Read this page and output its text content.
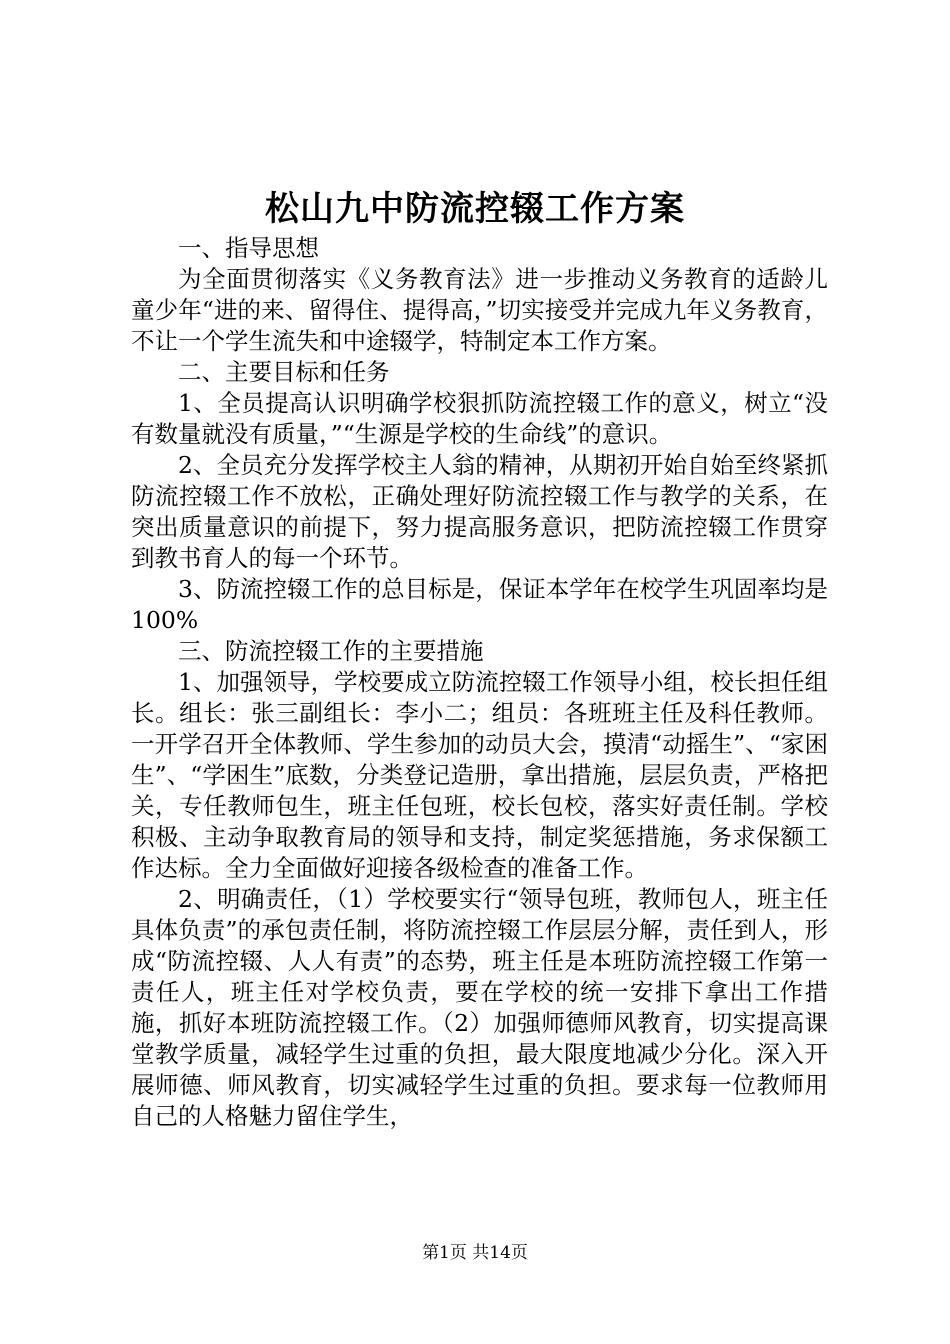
松山九中防流控辍工作方案

一、指导思想

为全面贯彻落实《义务教育法》进一步推动义务教育的适龄儿童少年“进的来、留得住、提得高，”切实接受并完成九年义务教育，不让一个学生流失和中途辍学，特制定本工作方案。

二、主要目标和任务

1、全员提高认识明确学校狠抓防流控辍工作的意义，树立“没有数量就没有质量，”“生源是学校的生命线”的意识。

2、全员充分发挥学校主人翁的精神，从期初开始自始至终紧抓防流控辍工作不放松，正确处理好防流控辍工作与教学的关系，在突出质量意识的前提下，努力提高服务意识，把防流控辍工作贯穿到教书育人的每一个环节。

3、防流控辍工作的总目标是，保证本学年在校学生巩固率均是100%

三、防流控辍工作的主要措施

1、加强领导，学校要成立防流控辍工作领导小组，校长担任组长。组长：张三副组长：李小二；组员：各班班主任及科任教师。一开学召开全体教师、学生参加的动员大会，摸清“动摇生”、“家困生”、“学困生”底数，分类登记造册，拿出措施，层层负责，严格把关，专任教师包生，班主任包班，校长包校，落实好责任制。学校积极、主动争取教育局的领导和支持，制定奖惩措施，务求保额工作达标。全力全面做好迎接各级检查的准备工作。

2、明确责任，（1）学校要实行“领导包班，教师包人，班主任具体负责”的承包责任制，将防流控辍工作层层分解，责任到人，形成“防流控辍、人人有责”的态势，班主任是本班防流控辍工作第一责任人，班主任对学校负责，要在学校的统一安排下拿出工作措施，抓好本班防流控辍工作。（2）加强师德师风教育，切实提高课堂教学质量，减轻学生过重的负担，最大限度地减少分化。深入开展师德、师风教育，切实减轻学生过重的负担。要求每一位教师用自己的人格魅力留住学生，

第1页 共14页
